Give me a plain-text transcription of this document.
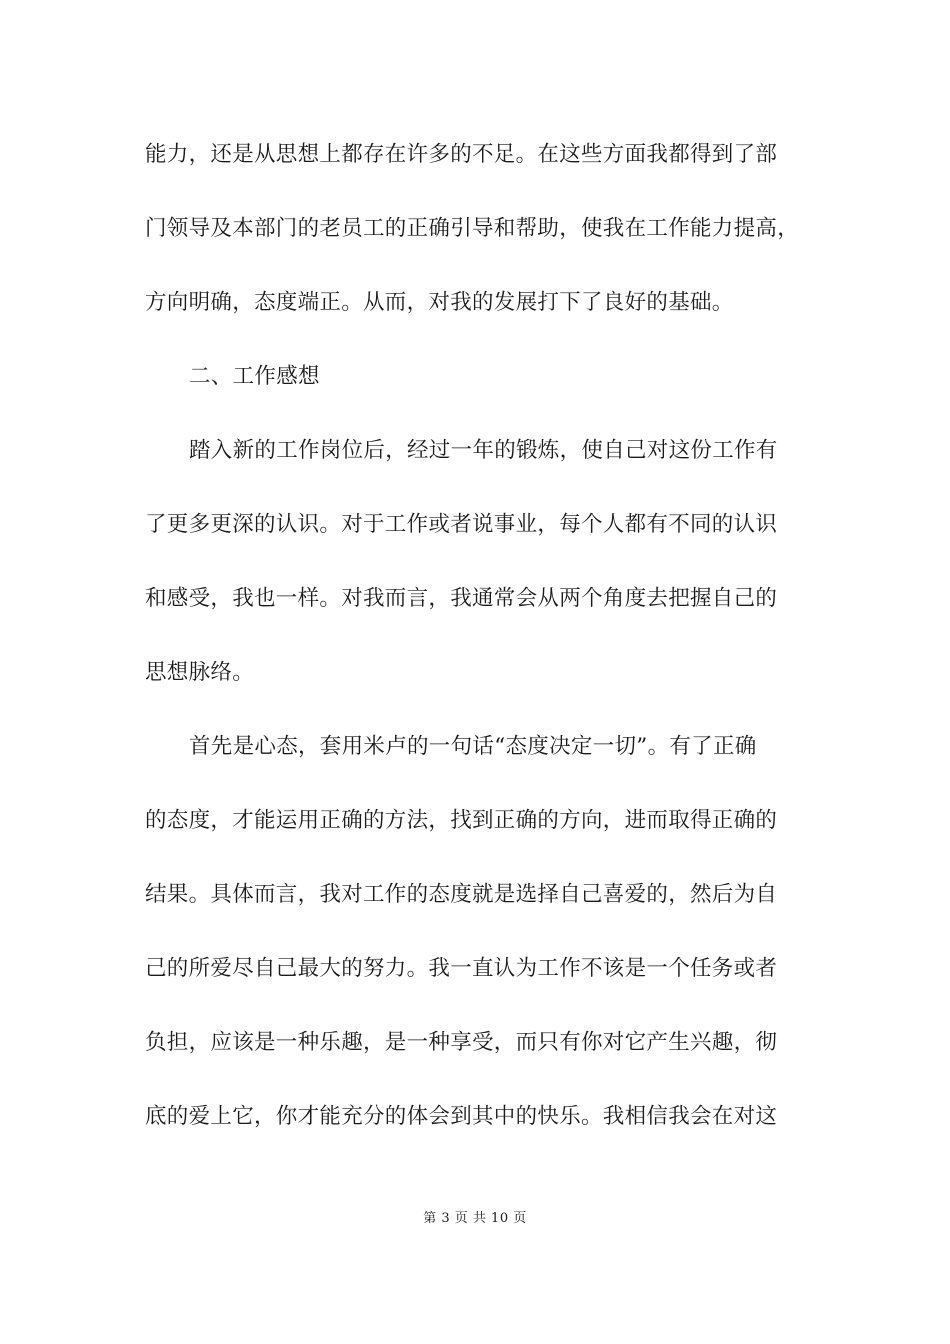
能力，还是从思想上都存在许多的不足。在这些方面我都得到了部
门领导及本部门的老员工的正确引导和帮助，使我在工作能力提高，
方向明确，态度端正。从而，对我的发展打下了良好的基础。
二、工作感想
踏入新的工作岗位后，经过一年的锻炼，使自己对这份工作有
了更多更深的认识。对于工作或者说事业，每个人都有不同的认识
和感受，我也一样。对我而言，我通常会从两个角度去把握自己的
思想脉络。
首先是心态，套用米卢的一句话“态度决定一切”。有了正确
的态度，才能运用正确的方法，找到正确的方向，进而取得正确的
结果。具体而言，我对工作的态度就是选择自己喜爱的，然后为自
己的所爱尽自己最大的努力。我一直认为工作不该是一个任务或者
负担，应该是一种乐趣，是一种享受，而只有你对它产生兴趣，彻
底的爱上它，你才能充分的体会到其中的快乐。我相信我会在对这
第 3 页 共 10 页
